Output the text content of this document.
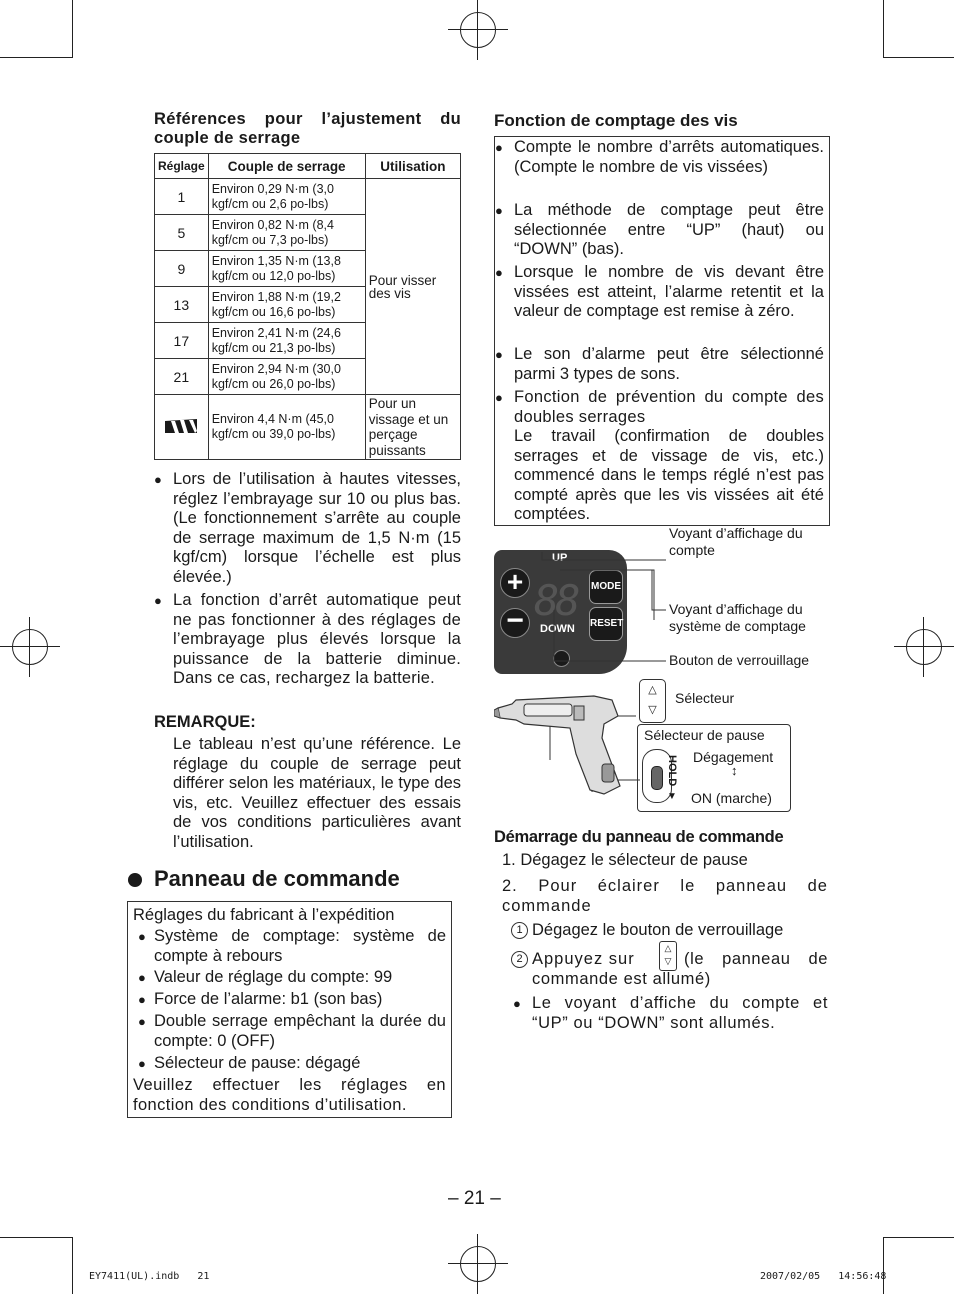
Références pour l’ajustement du couple de serrage
Réglage	Couple de serrage	Utilisation
1	Environ 0,29 N·m (3,0
kgf/cm ou 2,6 po-lbs)	Pour visser des vis
5	Environ 0,82 N·m (8,4
kgf/cm ou 7,3 po-lbs)	
9	Environ 1,35 N·m (13,8
kgf/cm ou 12,0 po-lbs)	
13	Environ 1,88 N·m (19,2
kgf/cm ou 16,6 po-lbs)	
17	Environ 2,41 N·m (24,6
kgf/cm ou 21,3 po-lbs)	
21	Environ 2,94 N·m (30,0
kgf/cm ou 26,0 po-lbs)	
	Environ 4,4 N·m (45,0
kgf/cm ou 39,0 po-lbs)	Pour un vissage et un perçage puissants
● Lors de l’utilisation à hautes vitesses, réglez l’embrayage sur 10 ou plus bas. (Le fonctionnement s’arrête au couple de serrage maximum de 1,5 N·m (15 kgf/cm) lorsque l’échelle est plus élevée.)
● La fonction d’arrêt automatique peut ne pas fonctionner à des réglages de l’embrayage plus élevés lorsque la puissance de la batterie diminue. Dans ce cas, rechargez la batterie.
REMARQUE:
Le tableau n’est qu’une référence. Le réglage du couple de serrage peut différer selon les matériaux, le type des vis, etc. Veuillez effectuer des essais de vos conditions particulières avant l’utilisation.
Panneau de commande
Réglages du fabricant à l’expédition
● Système de comptage: système de compte à rebours
● Valeur de réglage du compte: 99
● Force de l’alarme: b1 (son bas)
● Double serrage empêchant la durée du compte: 0 (OFF)
● Sélecteur de pause: dégagé
Veuillez effectuer les réglages en fonction des conditions d’utilisation.
Fonction de comptage des vis
● Compte le nombre d’arrêts automatiques. (Compte le nombre de vis vissées)
● La méthode de comptage peut être sélectionnée entre “UP” (haut) ou “DOWN” (bas).
● Lorsque le nombre de vis devant être vissées est atteint, l’alarme retentit et la valeur de comptage est remise à zéro.
● Le son d’alarme peut être sélectionné parmi 3 types de sons.
● Fonction de prévention du compte des doubles serrages
Le travail (confirmation de doubles serrages et de vissage de vis, etc.) commencé dans le temps réglé n’est pas compté après que les vis vissées ait été comptées.
+
−
UP
88
DOWN
MODE
RESET
Voyant d’affichage du compte
Voyant d’affichage du système de comptage
Bouton de verrouillage
△
▽
Sélecteur
Sélecteur de pause
HOLD
▼
Dégagement
↕
ON (marche)
Démarrage du panneau de commande
1. Dégagez le sélecteur de pause
2. Pour éclairer le panneau de commande
1 Dégagez le bouton de verrouillage
2 Appuyez sur
△
▽ (le panneau de commande est allumé)
● Le voyant d’affiche du compte et “UP” ou “DOWN” sont allumés.
– 21 –
EY7411(UL).indb   21	2007/02/05   14:56:48
